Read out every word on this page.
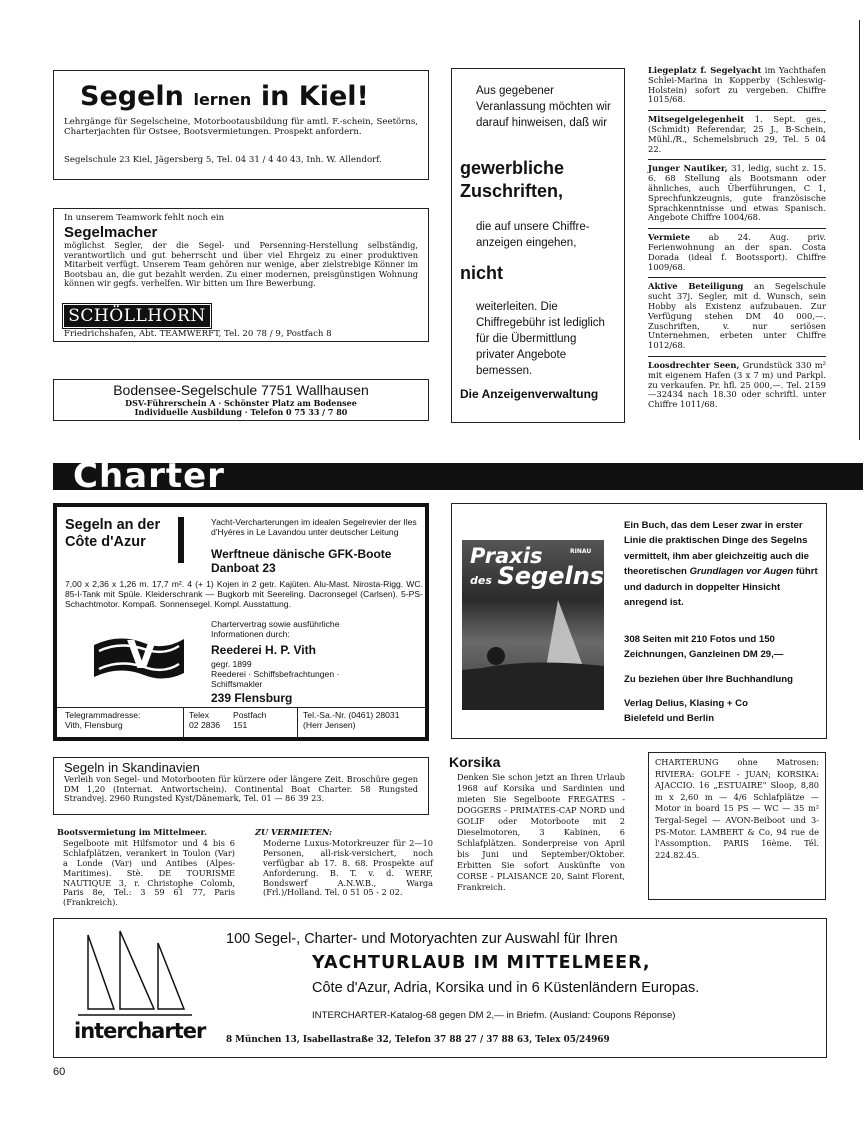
Segeln lernen in Kiel!
Lehrgänge für Segelscheine, Motorbootausbildung für amtl. F.-schein, Seetörns, Charterjachten für Ostsee, Bootsvermietungen. Prospekt anfordern.
Segelschule 23 Kiel, Jägersberg 5, Tel. 04 31 / 4 40 43, Inh. W. Allendorf.
In unserem Teamwork fehlt noch ein
Segelmacher
möglichst Segler, der die Segel- und Persenning-Herstellung selbständig, verantwortlich und gut beherrscht und über viel Ehrgeiz zu einer produktiven Mitarbeit verfügt. Unserem Team gehören nur wenige, aber zielstrebige Könner im Bootsbau an, die gut bezahlt werden. Zu einer modernen, preisgünstigen Wohnung können wir gegfs. verhelfen. Wir bitten um Ihre Bewerbung.
SCHÖLLHORN
Friedrichshafen, Abt. TEAMWERFT, Tel. 20 78 / 9, Postfach 8
Bodensee-Segelschule 7751 Wallhausen
DSV-Führerschein A · Schönster Platz am Bodensee
Individuelle Ausbildung · Telefon 0 75 33 / 7 80
Aus gegebener Veranlassung möchten wir darauf hinweisen, daß wir
gewerbliche Zuschriften,
die auf unsere Chiffre-anzeigen eingehen,
nicht
weiterleiten. Die Chiffregebühr ist lediglich für die Übermittlung privater Angebote bemessen.
Die Anzeigenverwaltung
Liegeplatz f. Segelyacht im Yachthafen Schlei-Marina in Kopperby (Schleswig-Holstein) sofort zu vergeben. Chiffre 1015/68.
Mitsegelgelegenheit 1. Sept. ges., (Schmidt) Referendar, 25 J., B-Schein, Mühl./R., Schemelsbruch 29, Tel. 5 04 22.
Junger Nautiker, 31, ledig, sucht z. 15. 6. 68 Stellung als Bootsmann oder ähnliches, auch Überführungen, C 1, Sprechfunkzeugnis, gute französische Sprachkenntnisse und etwas Spanisch. Angebote Chiffre 1004/68.
Vermiete ab 24. Aug. priv. Ferienwohnung an der span. Costa Dorada (ideal f. Bootssport). Chiffre 1009/68.
Aktive Beteiligung an Segelschule sucht 37j. Segler, mit d. Wunsch, sein Hobby als Existenz aufzubauen. Zur Verfügung stehen DM 40 000,—. Zuschriften, v. nur seriösen Unternehmen, erbeten unter Chiffre 1012/68.
Loosdrechter Seen, Grundstück 330 m² mit eigenem Hafen (3 x 7 m) und Parkpl. zu verkaufen. Pr. hfl. 25 000,—. Tel. 2159—32434 nach 18.30 oder schriftl. unter Chiffre 1011/68.
Charter
Segeln an der Côte d'Azur
Yacht-Vercharterungen im idealen Segelrevier der Iles d'Hyères in Le Lavandou unter deutscher Leitung
Werftneue dänische GFK-Boote Danboat 23
7,00 x 2,36 x 1,26 m. 17,7 m². 4 (+ 1) Kojen in 2 getr. Kajüten. Alu-Mast. Nirosta-Rigg. WC. 85-l-Tank mit Spüle. Kleiderschrank — Bugkorb mit Seereling. Dacronsegel (Carlsen). 5-PS-Schachtmotor. Kompaß. Sonnensegel. Kompl. Ausstattung.
V
Chartervertrag sowie ausführliche Informationen durch:
Reederei H. P. Vith
gegr. 1899
Reederei · Schiffsbefrachtungen · Schiffsmakler
239 Flensburg
Telegrammadresse:
Vith, Flensburg
Telex
02 2836
Postfach
151
Tel.-Sa.-Nr. (0461) 28031
(Herr Jensen)
Praxis
des Segelns
RINAU
Ein Buch, das dem Leser zwar in erster Linie die praktischen Dinge des Segelns vermittelt, ihm aber gleichzeitig auch die theoretischen Grundlagen vor Augen führt und dadurch in doppelter Hinsicht anregend ist.
308 Seiten mit 210 Fotos und 150 Zeichnungen, Ganzleinen DM 29,—
Zu beziehen über Ihre Buchhandlung
Verlag Delius, Klasing + Co
Bielefeld und Berlin
Segeln in Skandinavien
Verleih von Segel- und Motorbooten für kürzere oder längere Zeit. Broschüre gegen DM 1,20 (Internat. Antwortschein). Continental Boat Charter. 58 Rungsted Strandvej. 2960 Rungsted Kyst/Dänemark, Tel. 01 — 86 39 23.
Bootsvermietung im Mittelmeer.
Segelboote mit Hilfsmotor und 4 bis 6 Schlafplätzen, verankert in Toulon (Var) a Londe (Var) und Antibes (Alpes-Maritimes). Stè. DE TOURISME NAUTIQUE 3, r. Christophe Colomb, Paris 8e, Tel.: 3 59 61 77, Paris (Frankreich).
ZU VERMIETEN:
Moderne Luxus-Motorkreuzer für 2—10 Personen, all-risk-versichert, noch verfügbar ab 17. 8. 68. Prospekte auf Anforderung. B. T. v. d. WERF, Bondswerf A.N.W.B., Warga (Frl.)/Holland. Tel. 0 51 05 - 2 02.
Korsika
Denken Sie schon jetzt an Ihren Urlaub 1968 auf Korsika und Sardinien und mieten Sie Segelboote FREGATES - DOGGERS - PRIMATES-CAP NORD und GOLIF oder Motorboote mit 2 Dieselmotoren, 3 Kabinen, 6 Schlafplätzen. Sonderpreise von April bis Juni und September/Oktober. Erbitten Sie sofort Auskünfte von CORSE - PLAISANCE 20, Saint Florent, Frankreich.
CHARTERUNG ohne Matrosen: RIVIERA: GOLFE - JUAN; KORSIKA: AJACCIO. 16 „ESTUAIRE" Sloop, 8,80 m x 2,60 m — 4/6 Schlafplätze — Motor in board 15 PS — WC — 35 m² Tergal-Segel — AVON-Beiboot und 3-PS-Motor. LAMBERT & Co, 94 rue de l'Assomption. PARIS 16ème. Tél. 224.82.45.
intercharter
100 Segel-, Charter- und Motoryachten zur Auswahl für Ihren
YACHTURLAUB IM MITTELMEER,
Côte d'Azur, Adria, Korsika und in 6 Küstenländern Europas.
INTERCHARTER-Katalog-68 gegen DM 2,— in Briefm. (Ausland: Coupons Réponse)
8 München 13, Isabellastraße 32, Telefon 37 88 27 / 37 88 63, Telex 05/24969
60
